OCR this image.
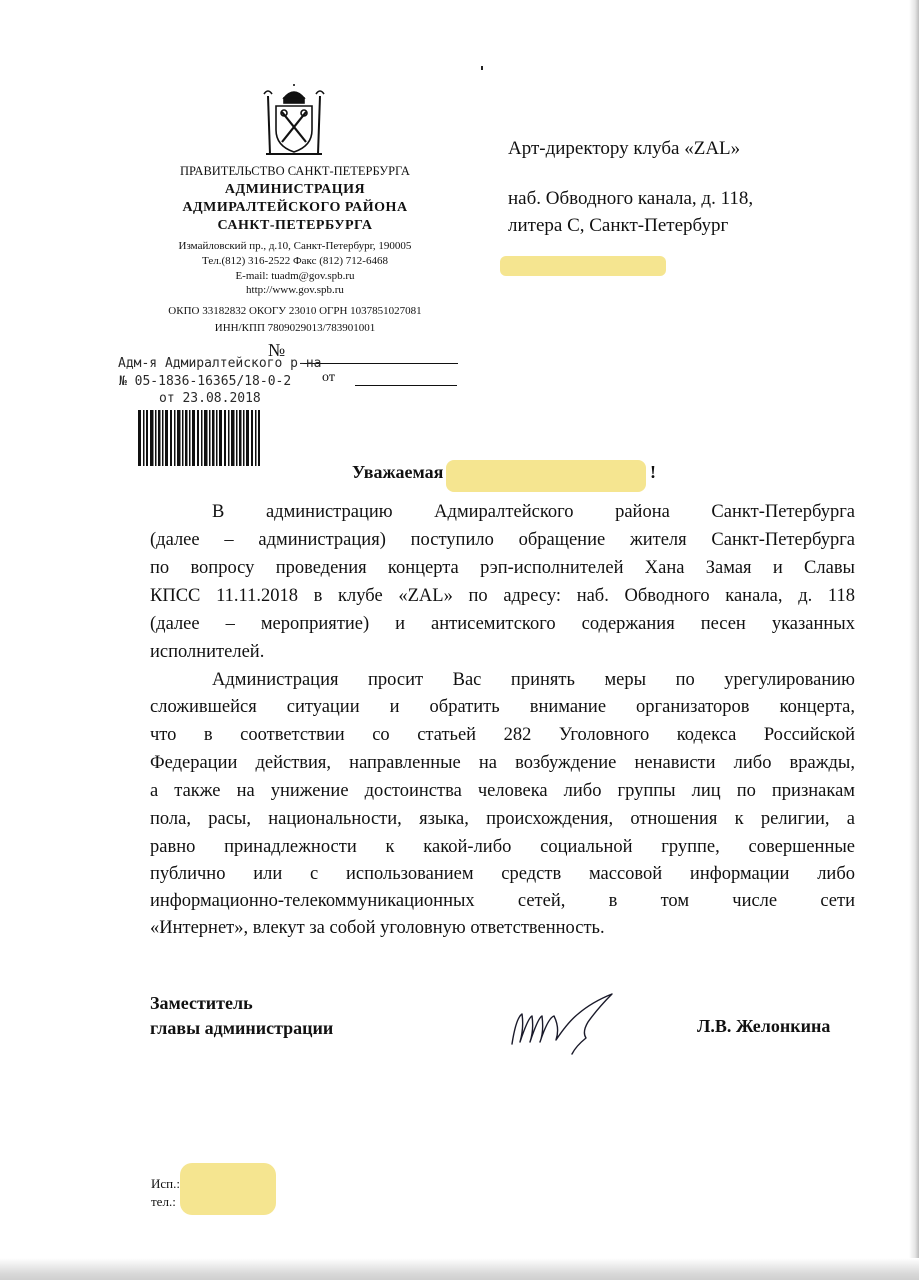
ПРАВИТЕЛЬСТВО САНКТ-ПЕТЕРБУРГА
АДМИНИСТРАЦИЯ
АДМИРАЛТЕЙСКОГО РАЙОНА
САНКТ-ПЕТЕРБУРГА
Измайловский пр., д.10, Санкт-Петербург, 190005
Тел.(812) 316-2522 Факс (812) 712-6468
E-mail: tuadm@gov.spb.ru
http://www.gov.spb.ru
ОКПО 33182832 ОКОГУ 23010 ОГРН 1037851027081
ИНН/КПП 7809029013/783901001
№
от
Адм-я Адмиралтейского р-на
№ 05-1836-16365/18-0-2
от 23.08.2018
Арт-директору клуба «ZAL»
наб. Обводного канала, д. 118,
литера С, Санкт-Петербург
Уважаемая	!
В администрацию Адмиралтейского района Санкт-Петербурга
(далее – администрация) поступило обращение жителя Санкт-Петербурга
по вопросу проведения концерта рэп-исполнителей Хана Замая и Славы
КПСС 11.11.2018 в клубе «ZAL» по адресу: наб. Обводного канала, д. 118
(далее – мероприятие) и антисемитского содержания песен указанных
исполнителей.
Администрация просит Вас принять меры по урегулированию
сложившейся ситуации и обратить внимание организаторов концерта,
что в соответствии со статьей 282 Уголовного кодекса Российской
Федерации действия, направленные на возбуждение ненависти либо вражды,
а также на унижение достоинства человека либо группы лиц по признакам
пола, расы, национальности, языка, происхождения, отношения к религии, а
равно принадлежности к какой-либо социальной группе, совершенные
публично или с использованием средств массовой информации либо
информационно-телекоммуникационных сетей, в том числе сети
«Интернет», влекут за собой уголовную ответственность.
Заместитель
главы администрации	Л.В. Желонкина
Исп.:
тел.:
